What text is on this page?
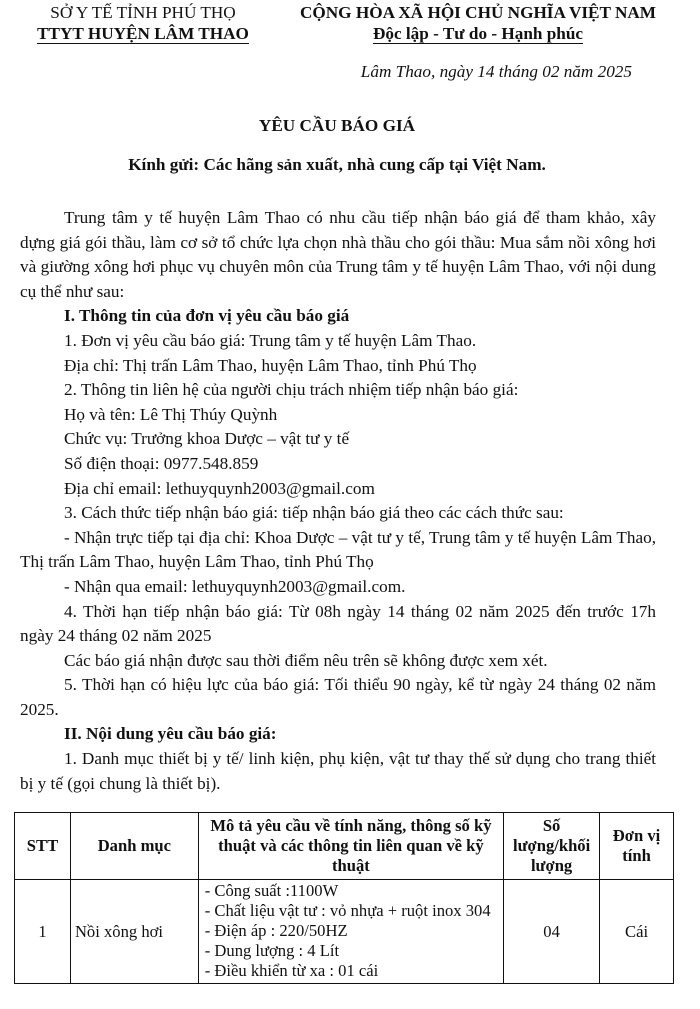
SỞ Y TẾ TỈNH PHÚ THỌ
TTYT HUYỆN LÂM THAO
CỘNG HÒA XÃ HỘI CHỦ NGHĨA VIỆT NAM
Độc lập - Tư do - Hạnh phúc
Lâm Thao, ngày 14 tháng 02 năm 2025
YÊU CẦU BÁO GIÁ
Kính gửi: Các hãng sản xuất, nhà cung cấp tại Việt Nam.

Trung tâm y tế huyện Lâm Thao có nhu cầu tiếp nhận báo giá để tham khảo, xây dựng giá gói thầu, làm cơ sở tổ chức lựa chọn nhà thầu cho gói thầu: Mua sắm nồi xông hơi và giường xông hơi phục vụ chuyên môn của Trung tâm y tế huyện Lâm Thao, với nội dung cụ thể như sau:

I. Thông tin của đơn vị yêu cầu báo giá

1. Đơn vị yêu cầu báo giá: Trung tâm y tế huyện Lâm Thao.

Địa chỉ: Thị trấn Lâm Thao, huyện Lâm Thao, tỉnh Phú Thọ

2. Thông tin liên hệ của người chịu trách nhiệm tiếp nhận báo giá:

Họ và tên: Lê Thị Thúy Quỳnh

Chức vụ: Trưởng khoa Dược – vật tư y tế

Số điện thoại: 0977.548.859

Địa chỉ email: lethuyquynh2003@gmail.com

3. Cách thức tiếp nhận báo giá: tiếp nhận báo giá theo các cách thức sau:

- Nhận trực tiếp tại địa chỉ: Khoa Dược – vật tư y tế, Trung tâm y tế huyện Lâm Thao, Thị trấn Lâm Thao, huyện Lâm Thao, tỉnh Phú Thọ

- Nhận qua email: lethuyquynh2003@gmail.com.

4. Thời hạn tiếp nhận báo giá: Từ 08h ngày 14 tháng 02 năm 2025 đến trước 17h ngày 24 tháng 02 năm 2025

Các báo giá nhận được sau thời điểm nêu trên sẽ không được xem xét.

5. Thời hạn có hiệu lực của báo giá: Tối thiểu 90 ngày, kể từ ngày 24 tháng 02 năm 2025.

II. Nội dung yêu cầu báo giá:

1. Danh mục thiết bị y tế/ linh kiện, phụ kiện, vật tư thay thế sử dụng cho trang thiết bị y tế (gọi chung là thiết bị).

STT	Danh mục	Mô tả yêu cầu về tính năng, thông số kỹ thuật và các thông tin liên quan về kỹ thuật	Số lượng/khối lượng	Đơn vị tính
1	Nồi xông hơi	- Công suất :1100W
- Chất liệu vật tư : vỏ nhựa + ruột inox 304
- Điện áp : 220/50HZ
- Dung lượng : 4 Lít
- Điều khiển từ xa : 01 cái	04	Cái
